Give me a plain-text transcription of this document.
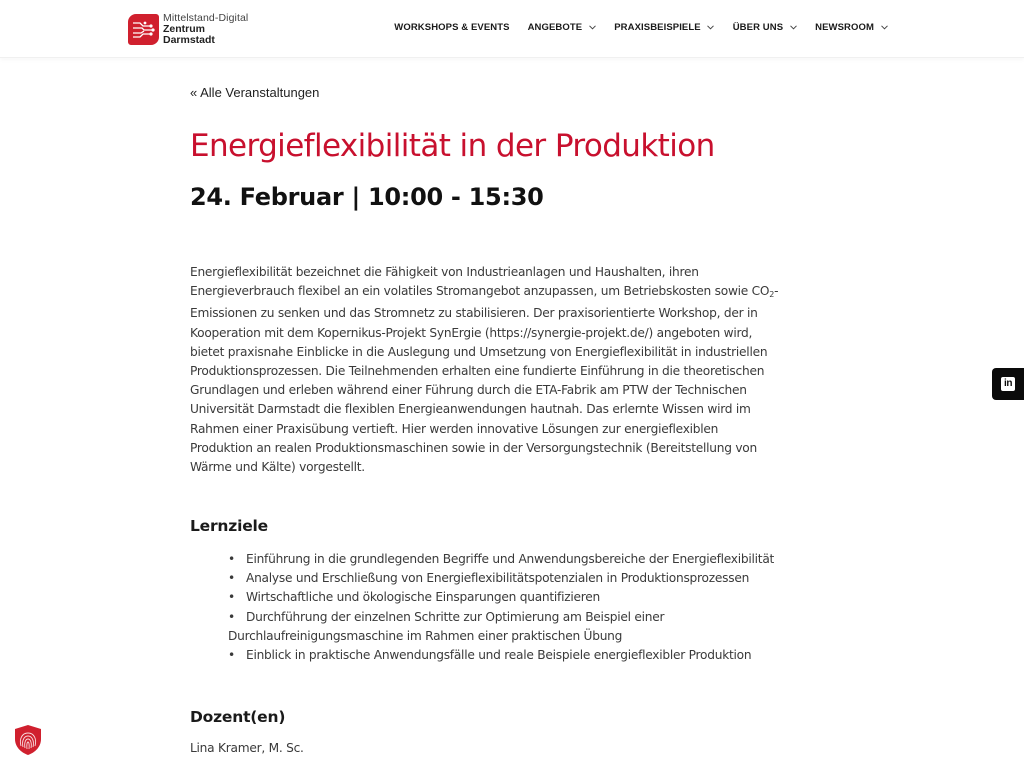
Mittelstand-Digital
Zentrum
Darmstadt
WORKSHOPS & EVENTS ANGEBOTE	PRAXISBEISPIELE	ÜBER UNS	NEWSROOM
« Alle Veranstaltungen
Energieflexibilität in der Produktion
24. Februar | 10:00 - 15:30
Energieflexibilität bezeichnet die Fähigkeit von Industrieanlagen und Haushalten, ihren
Energieverbrauch flexibel an ein volatiles Stromangebot anzupassen, um Betriebskosten sowie $CO_2-$
Emissionen zu senken und das Stromnetz zu stabilisieren. Der praxisorientierte Workshop, der in
Kooperation mit dem Kopernikus-Projekt SynErgie (https://synergie-projekt.de/) angeboten wird,
bietet praxisnahe Einblicke in die Auslegung und Umsetzung von Energieflexibilität in industriellen
Produktionsprozessen. Die Teilnehmenden erhalten eine fundierte Einführung in die theoretischen
Grundlagen und erleben während einer Führung durch die ETA-Fabrik am PTW der Technischen
Universität Darmstadt die flexiblen Energieanwendungen hautnah. Das erlernte Wissen wird im
Rahmen einer Praxisübung vertieft. Hier werden innovative Lösungen zur energieflexiblen
Produktion an realen Produktionsmaschinen sowie in der Versorgungstechnik (Bereitstellung von
Wärme und Kälte) vorgestellt.
Lernziele
• Einführung in die grundlegenden Begriffe und Anwendungsbereiche der Energieflexibilität
• Analyse und Erschließung von Energieflexibilitätspotenzialen in Produktionsprozessen
• Wirtschaftliche und ökologische Einsparungen quantifizieren
• Durchführung der einzelnen Schritte zur Optimierung am Beispiel einer
Durchlaufreinigungsmaschine im Rahmen einer praktischen Übung
• Einblick in praktische Anwendungsfälle und reale Beispiele energieflexibler Produktion
Dozent(en)

Lina Kramer, M. Sc.

in
